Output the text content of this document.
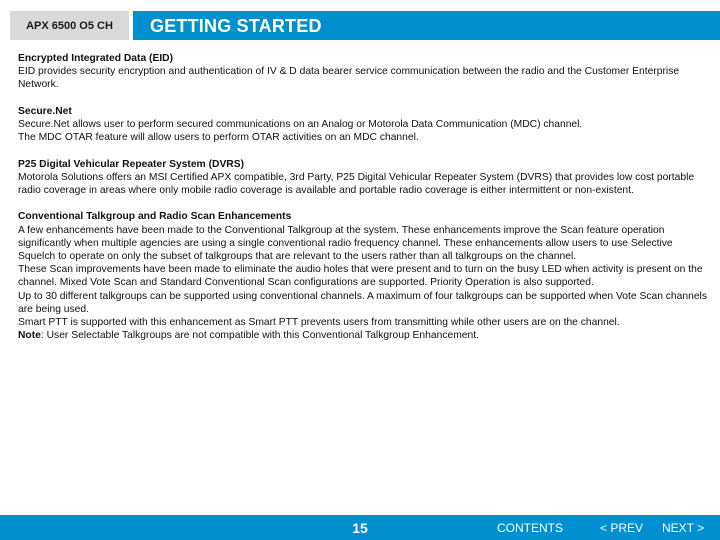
APX 6500 O5 CH GETTING STARTED

Encrypted Integrated Data (EID)

EID provides security encryption and authentication of IV & D data bearer service communication between the radio and the Customer Enterprise Network.

Secure.Net

Secure.Net allows user to perform secured communications on an Analog or Motorola Data Communication (MDC) channel.

The MDC OTAR feature will allow users to perform OTAR activities on an MDC channel.

P25 Digital Vehicular Repeater System (DVRS)

Motorola Solutions offers an MSI Certified APX compatible, 3rd Party, P25 Digital Vehicular Repeater System (DVRS) that provides low cost portable radio coverage in areas where only mobile radio coverage is available and portable radio coverage is either intermittent or non-existent.

Conventional Talkgroup and Radio Scan Enhancements

A few enhancements have been made to the Conventional Talkgroup at the system. These enhancements improve the Scan feature operation significantly when multiple agencies are using a single conventional radio frequency channel. These enhancements allow users to use Selective Squelch to operate on only the subset of talkgroups that are relevant to the users rather than all talkgroups on the channel.

These Scan improvements have been made to eliminate the audio holes that were present and to turn on the busy LED when activity is present on the channel. Mixed Vote Scan and Standard Conventional Scan configurations are supported. Priority Operation is also supported.

Up to 30 different talkgroups can be supported using conventional channels. A maximum of four talkgroups can be supported when Vote Scan channels are being used.

Smart PTT is supported with this enhancement as Smart PTT prevents users from transmitting while other users are on the channel.

Note: User Selectable Talkgroups are not compatible with this Conventional Talkgroup Enhancement.

15	CONTENTS	< PREV NEXT >
